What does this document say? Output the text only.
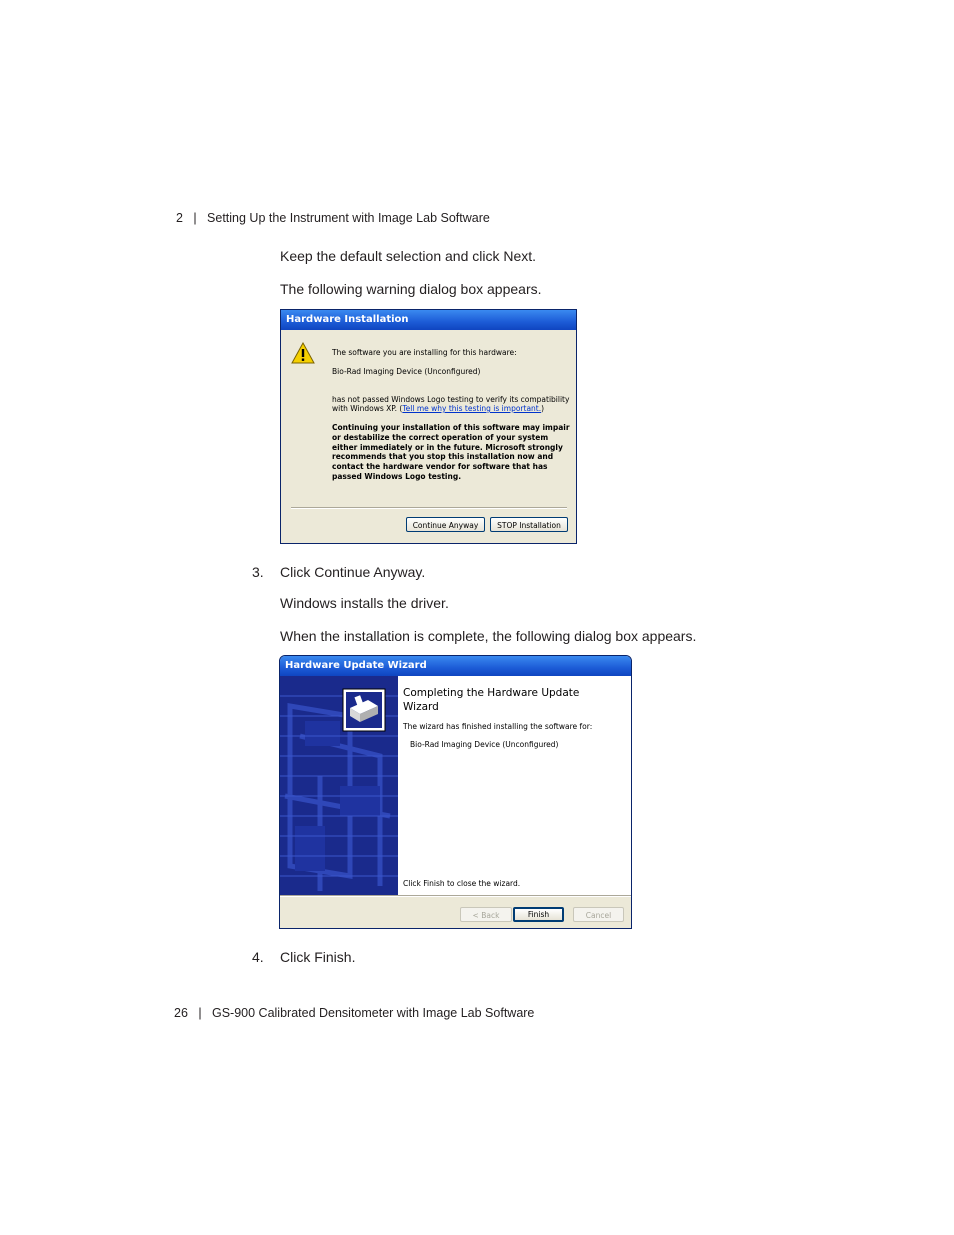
2 | Setting Up the Instrument with Image Lab Software
Keep the default selection and click Next.
The following warning dialog box appears.
Hardware Installation
The software you are installing for this hardware:
Bio-Rad Imaging Device (Unconfigured)
has not passed Windows Logo testing to verify its compatibility
with Windows XP. (Tell me why this testing is important.)
Continuing your installation of this software may impair
or destabilize the correct operation of your system
either immediately or in the future. Microsoft strongly
recommends that you stop this installation now and
contact the hardware vendor for software that has
passed Windows Logo testing.
Continue Anyway	STOP Installation
3. Click Continue Anyway.
Windows installs the driver.
When the installation is complete, the following dialog box appears.
Hardware Update Wizard
Completing the Hardware Update
Wizard
The wizard has finished installing the software for:
Bio-Rad Imaging Device (Unconfigured)
Click Finish to close the wizard.
< Back	Finish	Cancel
4. Click Finish.
26 | GS-900 Calibrated Densitometer with Image Lab Software
